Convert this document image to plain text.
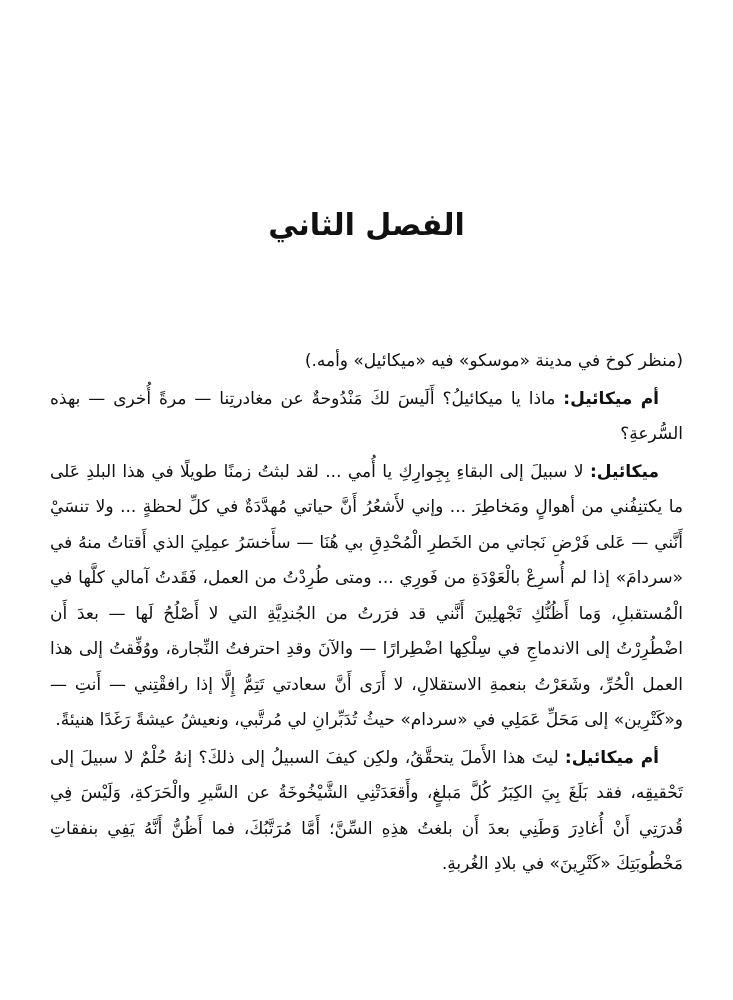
الفصل الثاني

(منظر كوخ في مدينة «موسكو» فيه «ميكائيل» وأمه.)

أم ميكائيل: ماذا يا ميكائيلُ؟ أَلَيسَ لكَ مَنْدُوحةٌ عن مغادرتِنا — مرةً أُخرى — بهذه السُّرعةِ؟

ميكائيل: لا سبيلَ إلى البقاءِ بِجِوارِكِ يا أُمي ... لقد لبثتُ زمنًا طويلًا في هذا البلدِ عَلى ما يكتنِفُني من أهوالٍ ومَخاطِرَ ... وإني لأَشعُرُ أَنَّ حياتي مُهدَّدَةٌ في كلِّ لحظةٍ ... ولا تنسَيْ أَنَّني — عَلى فَرْضِ نَجاتي من الخَطرِ الْمُحْدِقِ بي هُنَا — سأَخسَرُ عمِلِيَ الذي أَقتاتُ منهُ في «سردامَ» إذا لم أُسرِعْ بالْعَوْدَةِ من فَورِي ... ومتى طُرِدْتُ من العمل، فَقَدتُ آمالي كلَّها في الْمُستقبلِ، وَما أَظُنُّكِ تَجْهلِينَ أَنَّني قد فرَرتُ من الجُندِيَّةِ التي لا أَصْلُحُ لَها — بعدَ أَن اضْطُرِرْتُ إلى الاندماجِ في سِلْكِها اضْطِرارًا — والآنَ وقدِ احترفتُ النِّجارة، ووُفِّقتُ إلى هذا العمل الْحُرِّ، وشَعَرْتُ بنعمةِ الاستقلالِ، لا أَرَى أَنَّ سعادتي تَتِمُّ إِلَّا إذا رافقْتِني — أَنتِ — و«كَتْرِين» إلى مَحَلِّ عَمَلِي في «سردام» حيثُ تُدَبِّرانِ لي مُرتَّبي، ونعيشُ عيشةً رَغَدًا هنيئةً.

أم ميكائيل: ليتَ هذا الأَملَ يتحقَّقُ، ولكِن كيفَ السبيلُ إلى ذلكَ؟ إنهُ حُلْمٌ لا سبيلَ إلى تَحْقيقِه، فقد بَلَغَ بِيَ الكِبَرُ كُلَّ مَبلغٍ، وأَقعَدَتْنِي الشَّيْخُوخَةُ عن السَّيرِ والْحَرَكةِ، وَلَيْسَ فِي قُدرَتِي أَنْ أُغادِرَ وَطَنِي بعدَ أَن بلغتُ هذِهِ السِّنَّ؛ أَمَّا مُرَتَّبُكَ، فما أَظُنُّ أَنَّهُ يَفِي بنفقاتِ مَخْطُوبَتِكَ «كَتْرِينَ» في بلادِ الغُربةِ.
